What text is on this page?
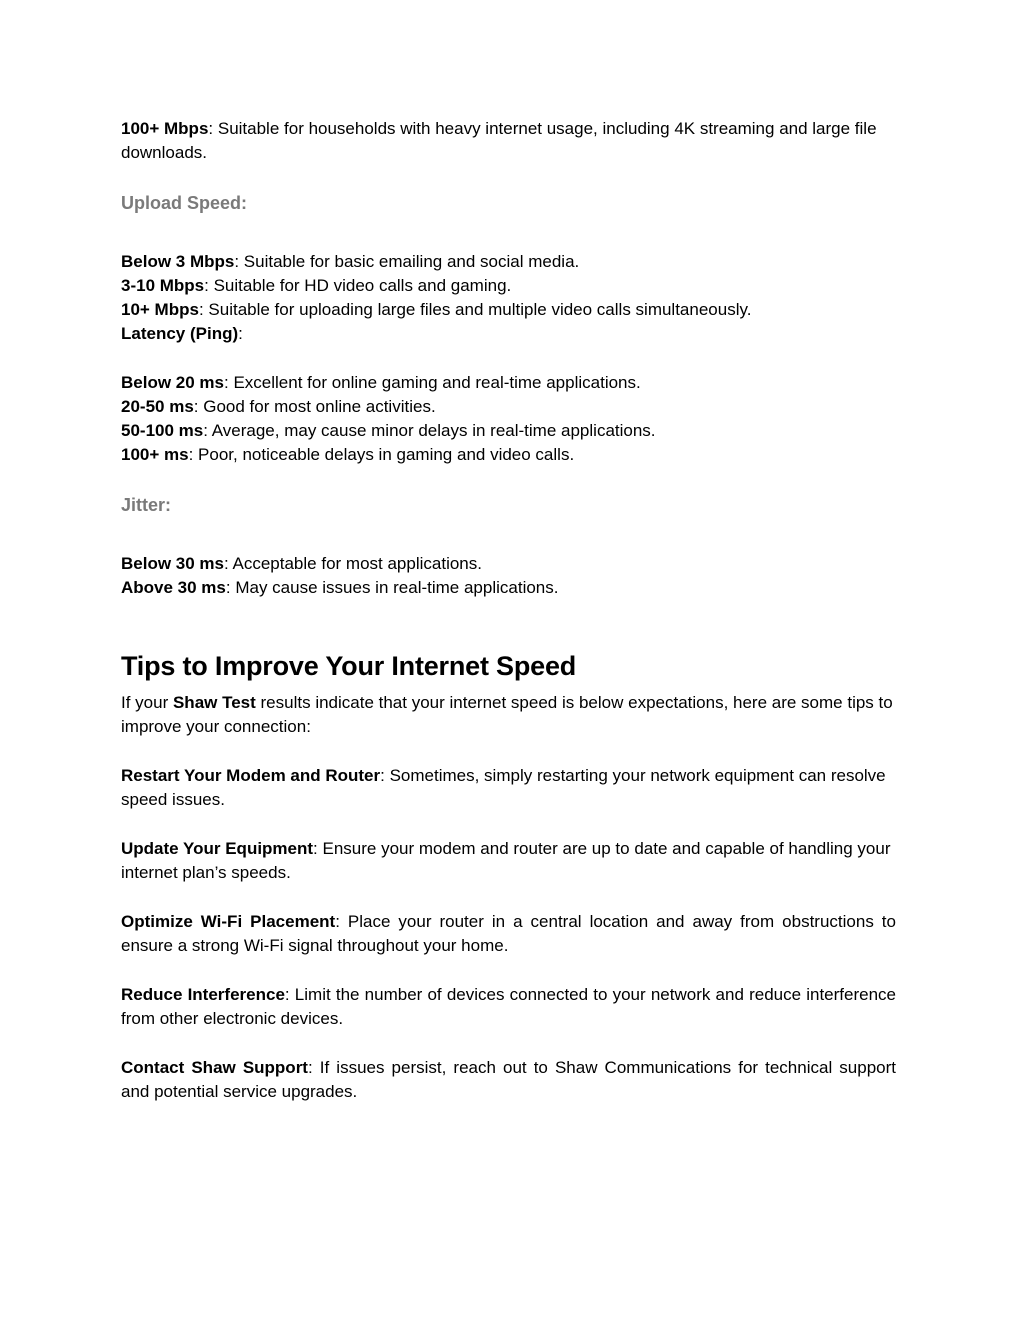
100+ Mbps: Suitable for households with heavy internet usage, including 4K streaming and large file downloads.

Upload Speed:

Below 3 Mbps: Suitable for basic emailing and social media.

3-10 Mbps: Suitable for HD video calls and gaming.

10+ Mbps: Suitable for uploading large files and multiple video calls simultaneously.

Latency (Ping):

Below 20 ms: Excellent for online gaming and real-time applications.

20-50 ms: Good for most online activities.

50-100 ms: Average, may cause minor delays in real-time applications.

100+ ms: Poor, noticeable delays in gaming and video calls.

Jitter:

Below 30 ms: Acceptable for most applications.

Above 30 ms: May cause issues in real-time applications.

Tips to Improve Your Internet Speed

If your Shaw Test results indicate that your internet speed is below expectations, here are some tips to improve your connection:

Restart Your Modem and Router: Sometimes, simply restarting your network equipment can resolve speed issues.

Update Your Equipment: Ensure your modem and router are up to date and capable of handling your internet plan’s speeds.

Optimize Wi-Fi Placement: Place your router in a central location and away from obstructions to ensure a strong Wi-Fi signal throughout your home.

Reduce Interference: Limit the number of devices connected to your network and reduce interference from other electronic devices.

Contact Shaw Support: If issues persist, reach out to Shaw Communications for technical support and potential service upgrades.
